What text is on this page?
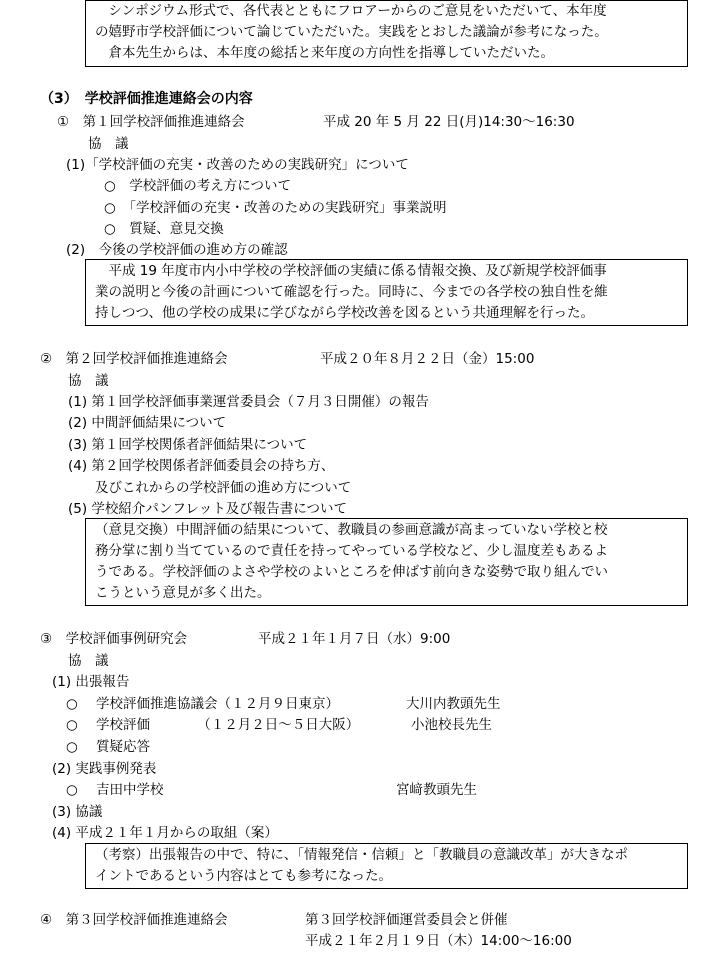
　シンポジウム形式で、各代表とともにフロアーからのご意見をいただいて、本年度
の嬉野市学校評価について論じていただいた。実践をとおした議論が参考になった。
　倉本先生からは、本年度の総括と来年度の方向性を指導していただいた。
（3）　学校評価推進連絡会の内容
①　第１回学校評価推進連絡会	平成 20 年 5 月 22 日(月)14:30～16:30
協　議
(1)「学校評価の充実・改善のための実践研究」について
○　学校評価の考え方について
○　「学校評価の充実・改善のための実践研究」事業説明
○　質疑、意見交換
(2)　今後の学校評価の進め方の確認
　平成 19 年度市内小中学校の学校評価の実績に係る情報交換、及び新規学校評価事
業の説明と今後の計画について確認を行った。同時に、今までの各学校の独自性を維
持しつつ、他の学校の成果に学びながら学校改善を図るという共通理解を行った。
②　第２回学校評価推進連絡会	平成２０年８月２２日（金）15:00
協　議
(1) 第１回学校評価事業運営委員会（７月３日開催）の報告
(2) 中間評価結果について
(3) 第１回学校関係者評価結果について
(4) 第２回学校関係者評価委員会の持ち方、
　　及びこれからの学校評価の進め方について
(5) 学校紹介パンフレット及び報告書について
（意見交換）中間評価の結果について、教職員の参画意識が高まっていない学校と校
務分掌に割り当てているので責任を持ってやっている学校など、少し温度差もあるよ
うである。学校評価のよさや学校のよいところを伸ばす前向きな姿勢で取り組んでい
こうという意見が多く出た。
③　学校評価事例研究会	平成２１年１月７日（水）9:00
協　議
(1) 出張報告
○ 学校評価推進協議会（１２月９日東京）	大川内教頭先生
○ 学校評価　　　　（１２月２日～５日大阪）	小池校長先生
○ 質疑応答
(2) 実践事例発表
○ 吉田中学校	宮﨑教頭先生
(3) 協議
(4) 平成２１年１月からの取組（案）
（考察）出張報告の中で、特に、「情報発信・信頼」と「教職員の意識改革」が大きなポ
イントであるという内容はとても参考になった。
④　第３回学校評価推進連絡会	第３回学校評価運営委員会と併催
平成２１年２月１９日（木）14:00～16:00
